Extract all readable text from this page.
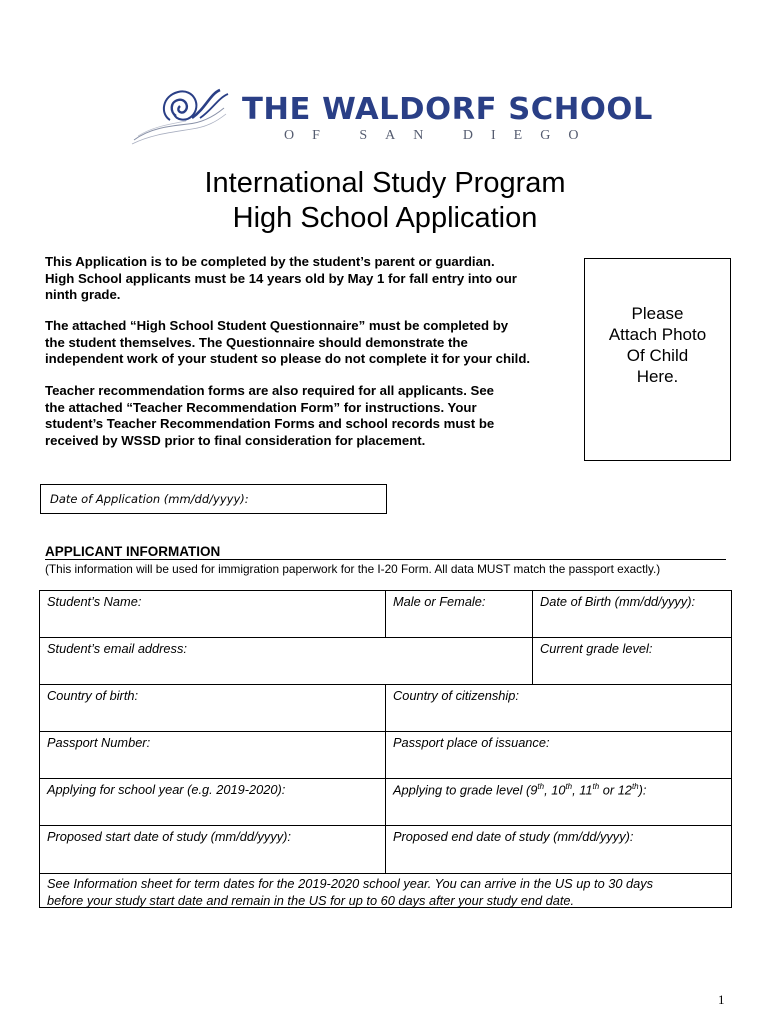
THE WALDORF SCHOOL
OF SAN DIEGO
International Study Program
High School Application

This Application is to be completed by the student’s parent or guardian.

High School applicants must be 14 years old by May 1 for fall entry into our

ninth grade.

The attached “High School Student Questionnaire” must be completed by

the student themselves. The Questionnaire should demonstrate the

independent work of your student so please do not complete it for your child.

Teacher recommendation forms are also required for all applicants. See

the attached “Teacher Recommendation Form” for instructions. Your

student’s Teacher Recommendation Forms and school records must be

received by WSSD prior to final consideration for placement.

Please
Attach Photo
Of Child
Here.
Date of Application (mm/dd/yyyy):
APPLICANT INFORMATION
(This information will be used for immigration paperwork for the I-20 Form. All data MUST match the passport exactly.)
Student’s Name:	Male or Female:	Date of Birth (mm/dd/yyyy):
Student’s email address:	Current grade level:
Country of birth:	Country of citizenship:
Passport Number:	Passport place of issuance:
Applying for school year (e.g. 2019-2020):	Applying to grade level (9th, 10th, 11th or 12th):
Proposed start date of study (mm/dd/yyyy):	Proposed end date of study (mm/dd/yyyy):
See Information sheet for term dates for the 2019-2020 school year. You can arrive in the US up to 30 days
before your study start date and remain in the US for up to 60 days after your study end date.
1
